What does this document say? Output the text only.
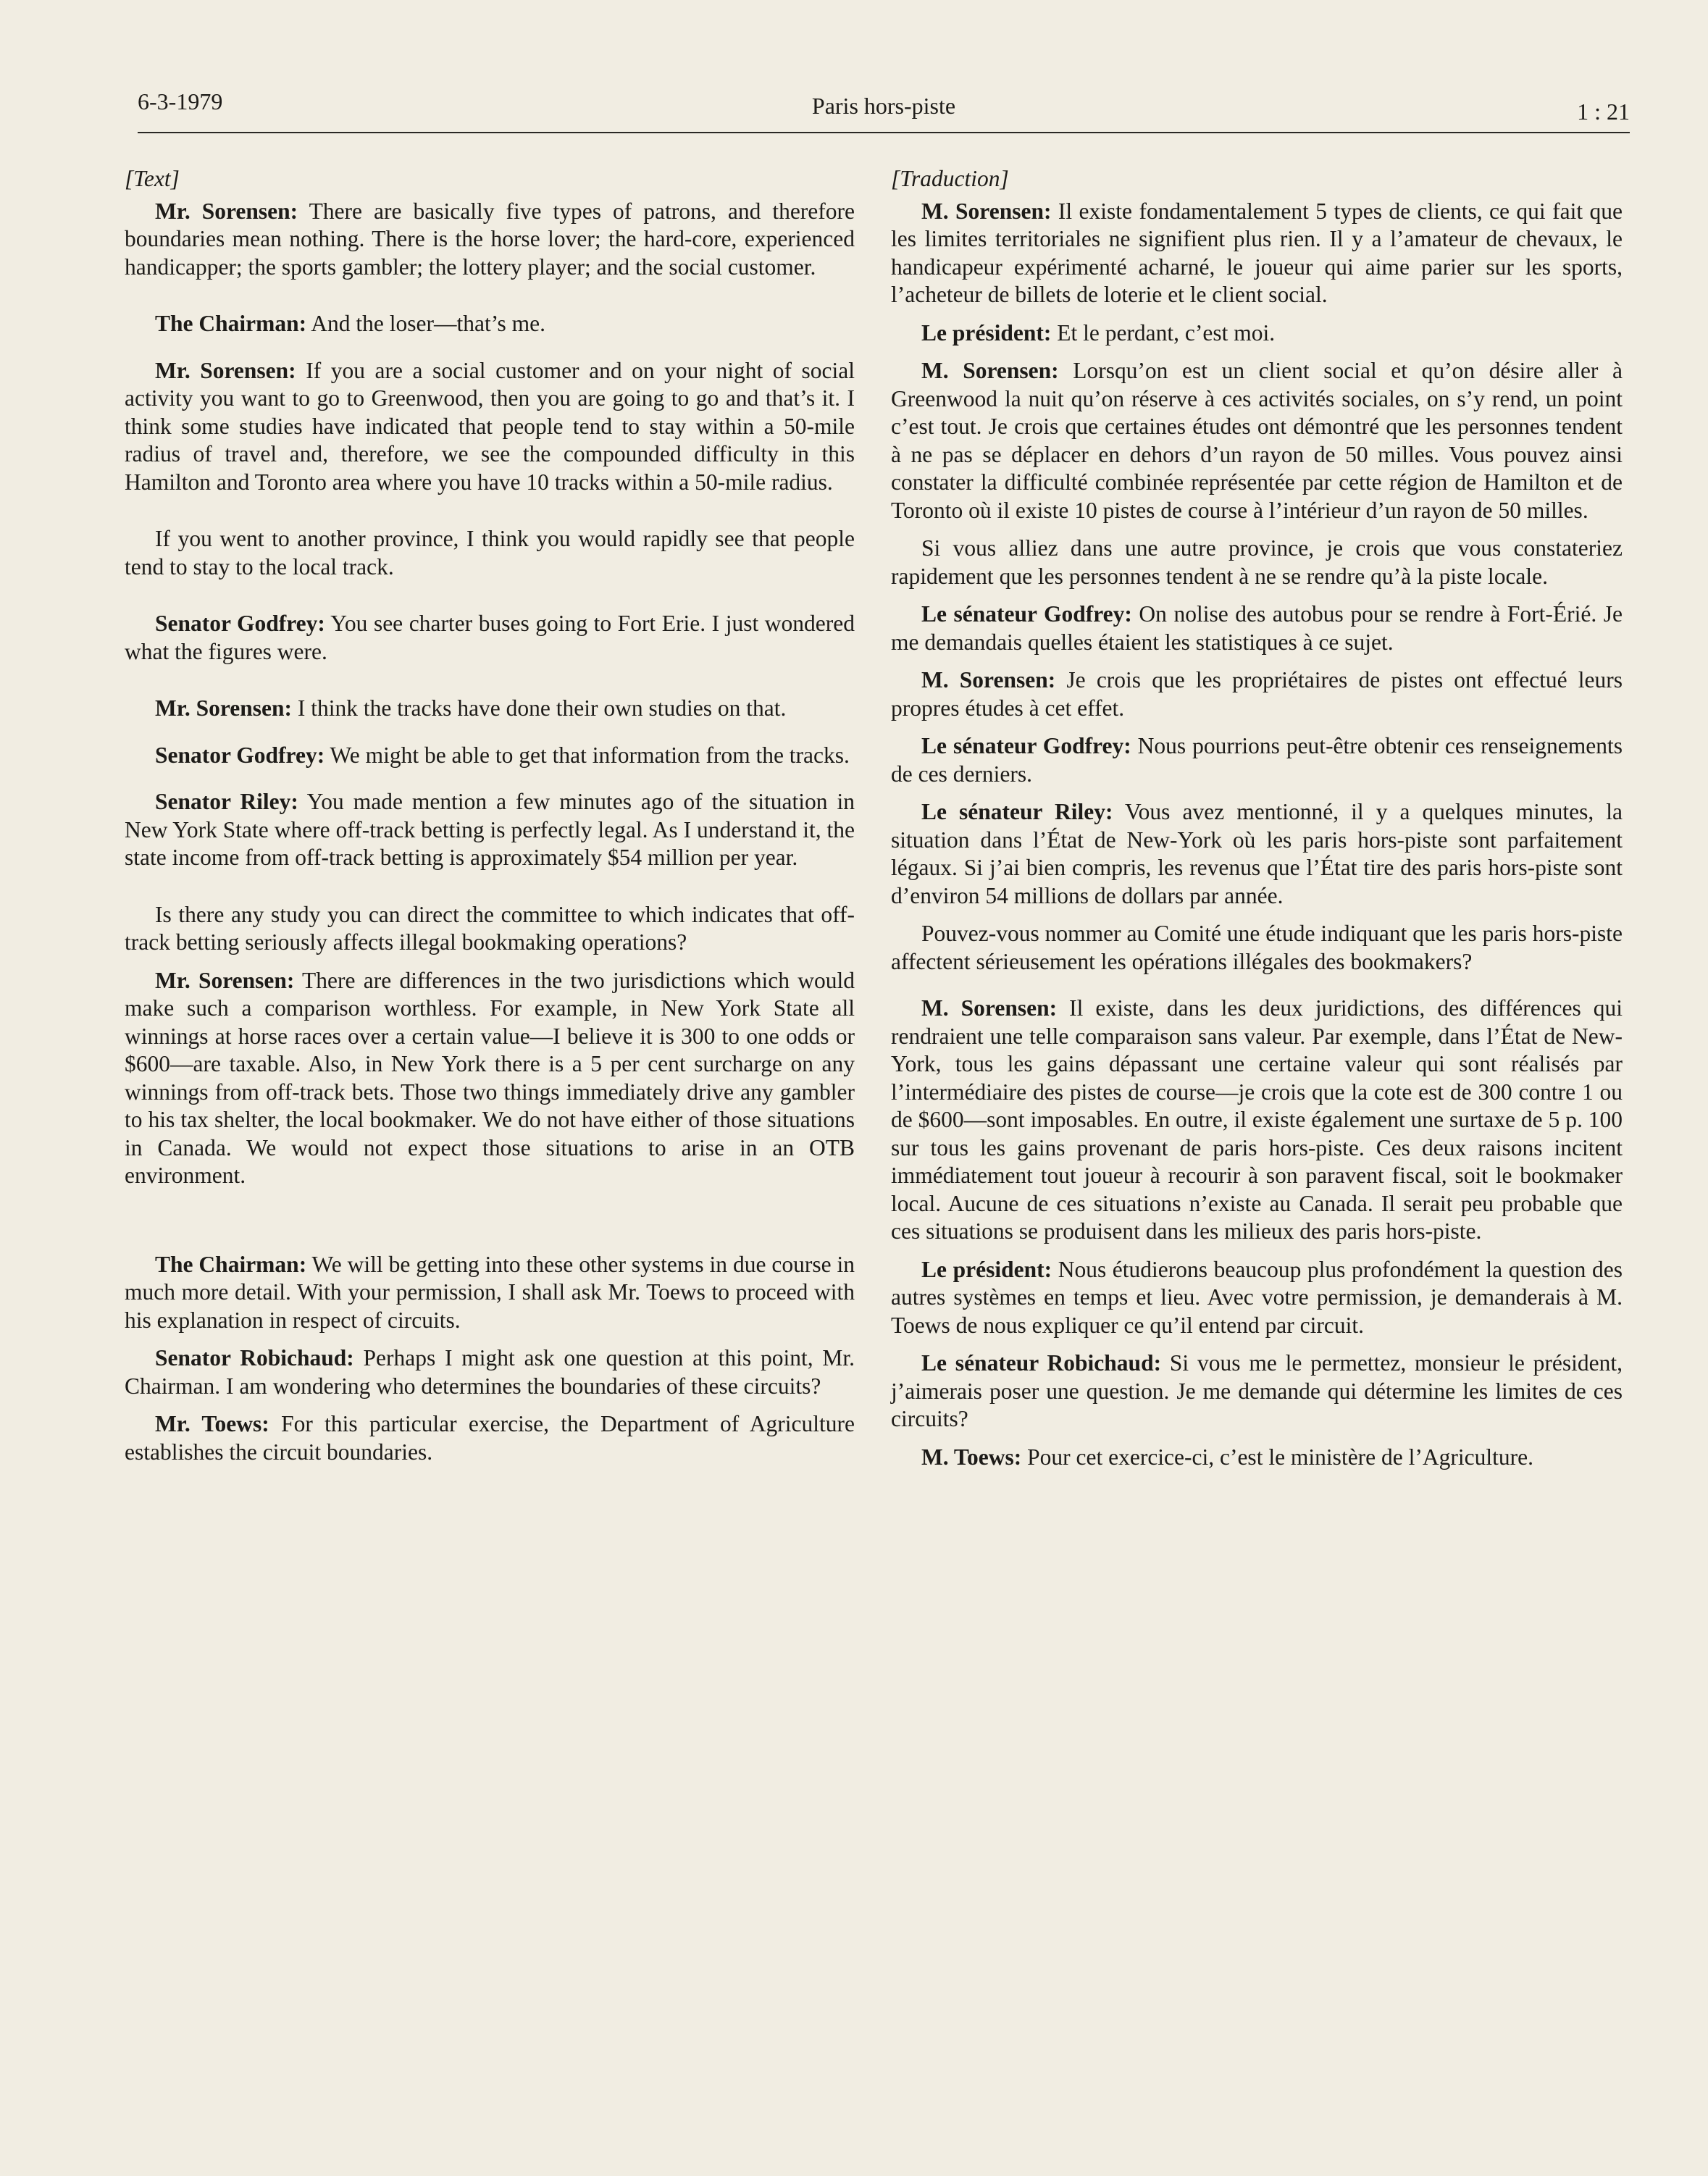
6-3-1979	Paris hors-piste	1 : 21
[Text]

Mr. Sorensen: There are basically five types of patrons, and therefore boundaries mean nothing. There is the horse lover; the hard-core, experienced handicapper; the sports gambler; the lottery player; and the social customer.

The Chairman: And the loser—that’s me.

Mr. Sorensen: If you are a social customer and on your night of social activity you want to go to Greenwood, then you are going to go and that’s it. I think some studies have indicated that people tend to stay within a 50-mile radius of travel and, therefore, we see the compounded difficulty in this Hamilton and Toronto area where you have 10 tracks within a 50-mile radius.

If you went to another province, I think you would rapidly see that people tend to stay to the local track.

Senator Godfrey: You see charter buses going to Fort Erie. I just wondered what the figures were.

Mr. Sorensen: I think the tracks have done their own studies on that.

Senator Godfrey: We might be able to get that information from the tracks.

Senator Riley: You made mention a few minutes ago of the situation in New York State where off-track betting is perfectly legal. As I understand it, the state income from off-track betting is approximately $54 million per year.

Is there any study you can direct the committee to which indicates that off-track betting seriously affects illegal bookmaking operations?

Mr. Sorensen: There are differences in the two jurisdictions which would make such a comparison worthless. For example, in New York State all winnings at horse races over a certain value—I believe it is 300 to one odds or $600—are taxable. Also, in New York there is a 5 per cent surcharge on any winnings from off-track bets. Those two things immediately drive any gambler to his tax shelter, the local bookmaker. We do not have either of those situations in Canada. We would not expect those situations to arise in an OTB environment.

The Chairman: We will be getting into these other systems in due course in much more detail. With your permission, I shall ask Mr. Toews to proceed with his explanation in respect of circuits.

Senator Robichaud: Perhaps I might ask one question at this point, Mr. Chairman. I am wondering who determines the boundaries of these circuits?

Mr. Toews: For this particular exercise, the Department of Agriculture establishes the circuit boundaries.

[Traduction]

M. Sorensen: Il existe fondamentalement 5 types de clients, ce qui fait que les limites territoriales ne signifient plus rien. Il y a l’amateur de chevaux, le handicapeur expérimenté acharné, le joueur qui aime parier sur les sports, l’acheteur de billets de loterie et le client social.

Le président: Et le perdant, c’est moi.

M. Sorensen: Lorsqu’on est un client social et qu’on désire aller à Greenwood la nuit qu’on réserve à ces activités sociales, on s’y rend, un point c’est tout. Je crois que certaines études ont démontré que les personnes tendent à ne pas se déplacer en dehors d’un rayon de 50 milles. Vous pouvez ainsi constater la difficulté combinée représentée par cette région de Hamilton et de Toronto où il existe 10 pistes de course à l’intérieur d’un rayon de 50 milles.

Si vous alliez dans une autre province, je crois que vous constateriez rapidement que les personnes tendent à ne se rendre qu’à la piste locale.

Le sénateur Godfrey: On nolise des autobus pour se rendre à Fort-Érié. Je me demandais quelles étaient les statistiques à ce sujet.

M. Sorensen: Je crois que les propriétaires de pistes ont effectué leurs propres études à cet effet.

Le sénateur Godfrey: Nous pourrions peut-être obtenir ces renseignements de ces derniers.

Le sénateur Riley: Vous avez mentionné, il y a quelques minutes, la situation dans l’État de New-York où les paris hors-piste sont parfaitement légaux. Si j’ai bien compris, les revenus que l’État tire des paris hors-piste sont d’environ 54 millions de dollars par année.

Pouvez-vous nommer au Comité une étude indiquant que les paris hors-piste affectent sérieusement les opérations illégales des bookmakers?

M. Sorensen: Il existe, dans les deux juridictions, des différences qui rendraient une telle comparaison sans valeur. Par exemple, dans l’État de New-York, tous les gains dépassant une certaine valeur qui sont réalisés par l’intermédiaire des pistes de course—je crois que la cote est de 300 contre 1 ou de $600—sont imposables. En outre, il existe également une surtaxe de 5 p. 100 sur tous les gains provenant de paris hors-piste. Ces deux raisons incitent immédiatement tout joueur à recourir à son paravent fiscal, soit le bookmaker local. Aucune de ces situations n’existe au Canada. Il serait peu probable que ces situations se produisent dans les milieux des paris hors-piste.

Le président: Nous étudierons beaucoup plus profondément la question des autres systèmes en temps et lieu. Avec votre permission, je demanderais à M. Toews de nous expliquer ce qu’il entend par circuit.

Le sénateur Robichaud: Si vous me le permettez, monsieur le président, j’aimerais poser une question. Je me demande qui détermine les limites de ces circuits?

M. Toews: Pour cet exercice-ci, c’est le ministère de l’Agriculture.
